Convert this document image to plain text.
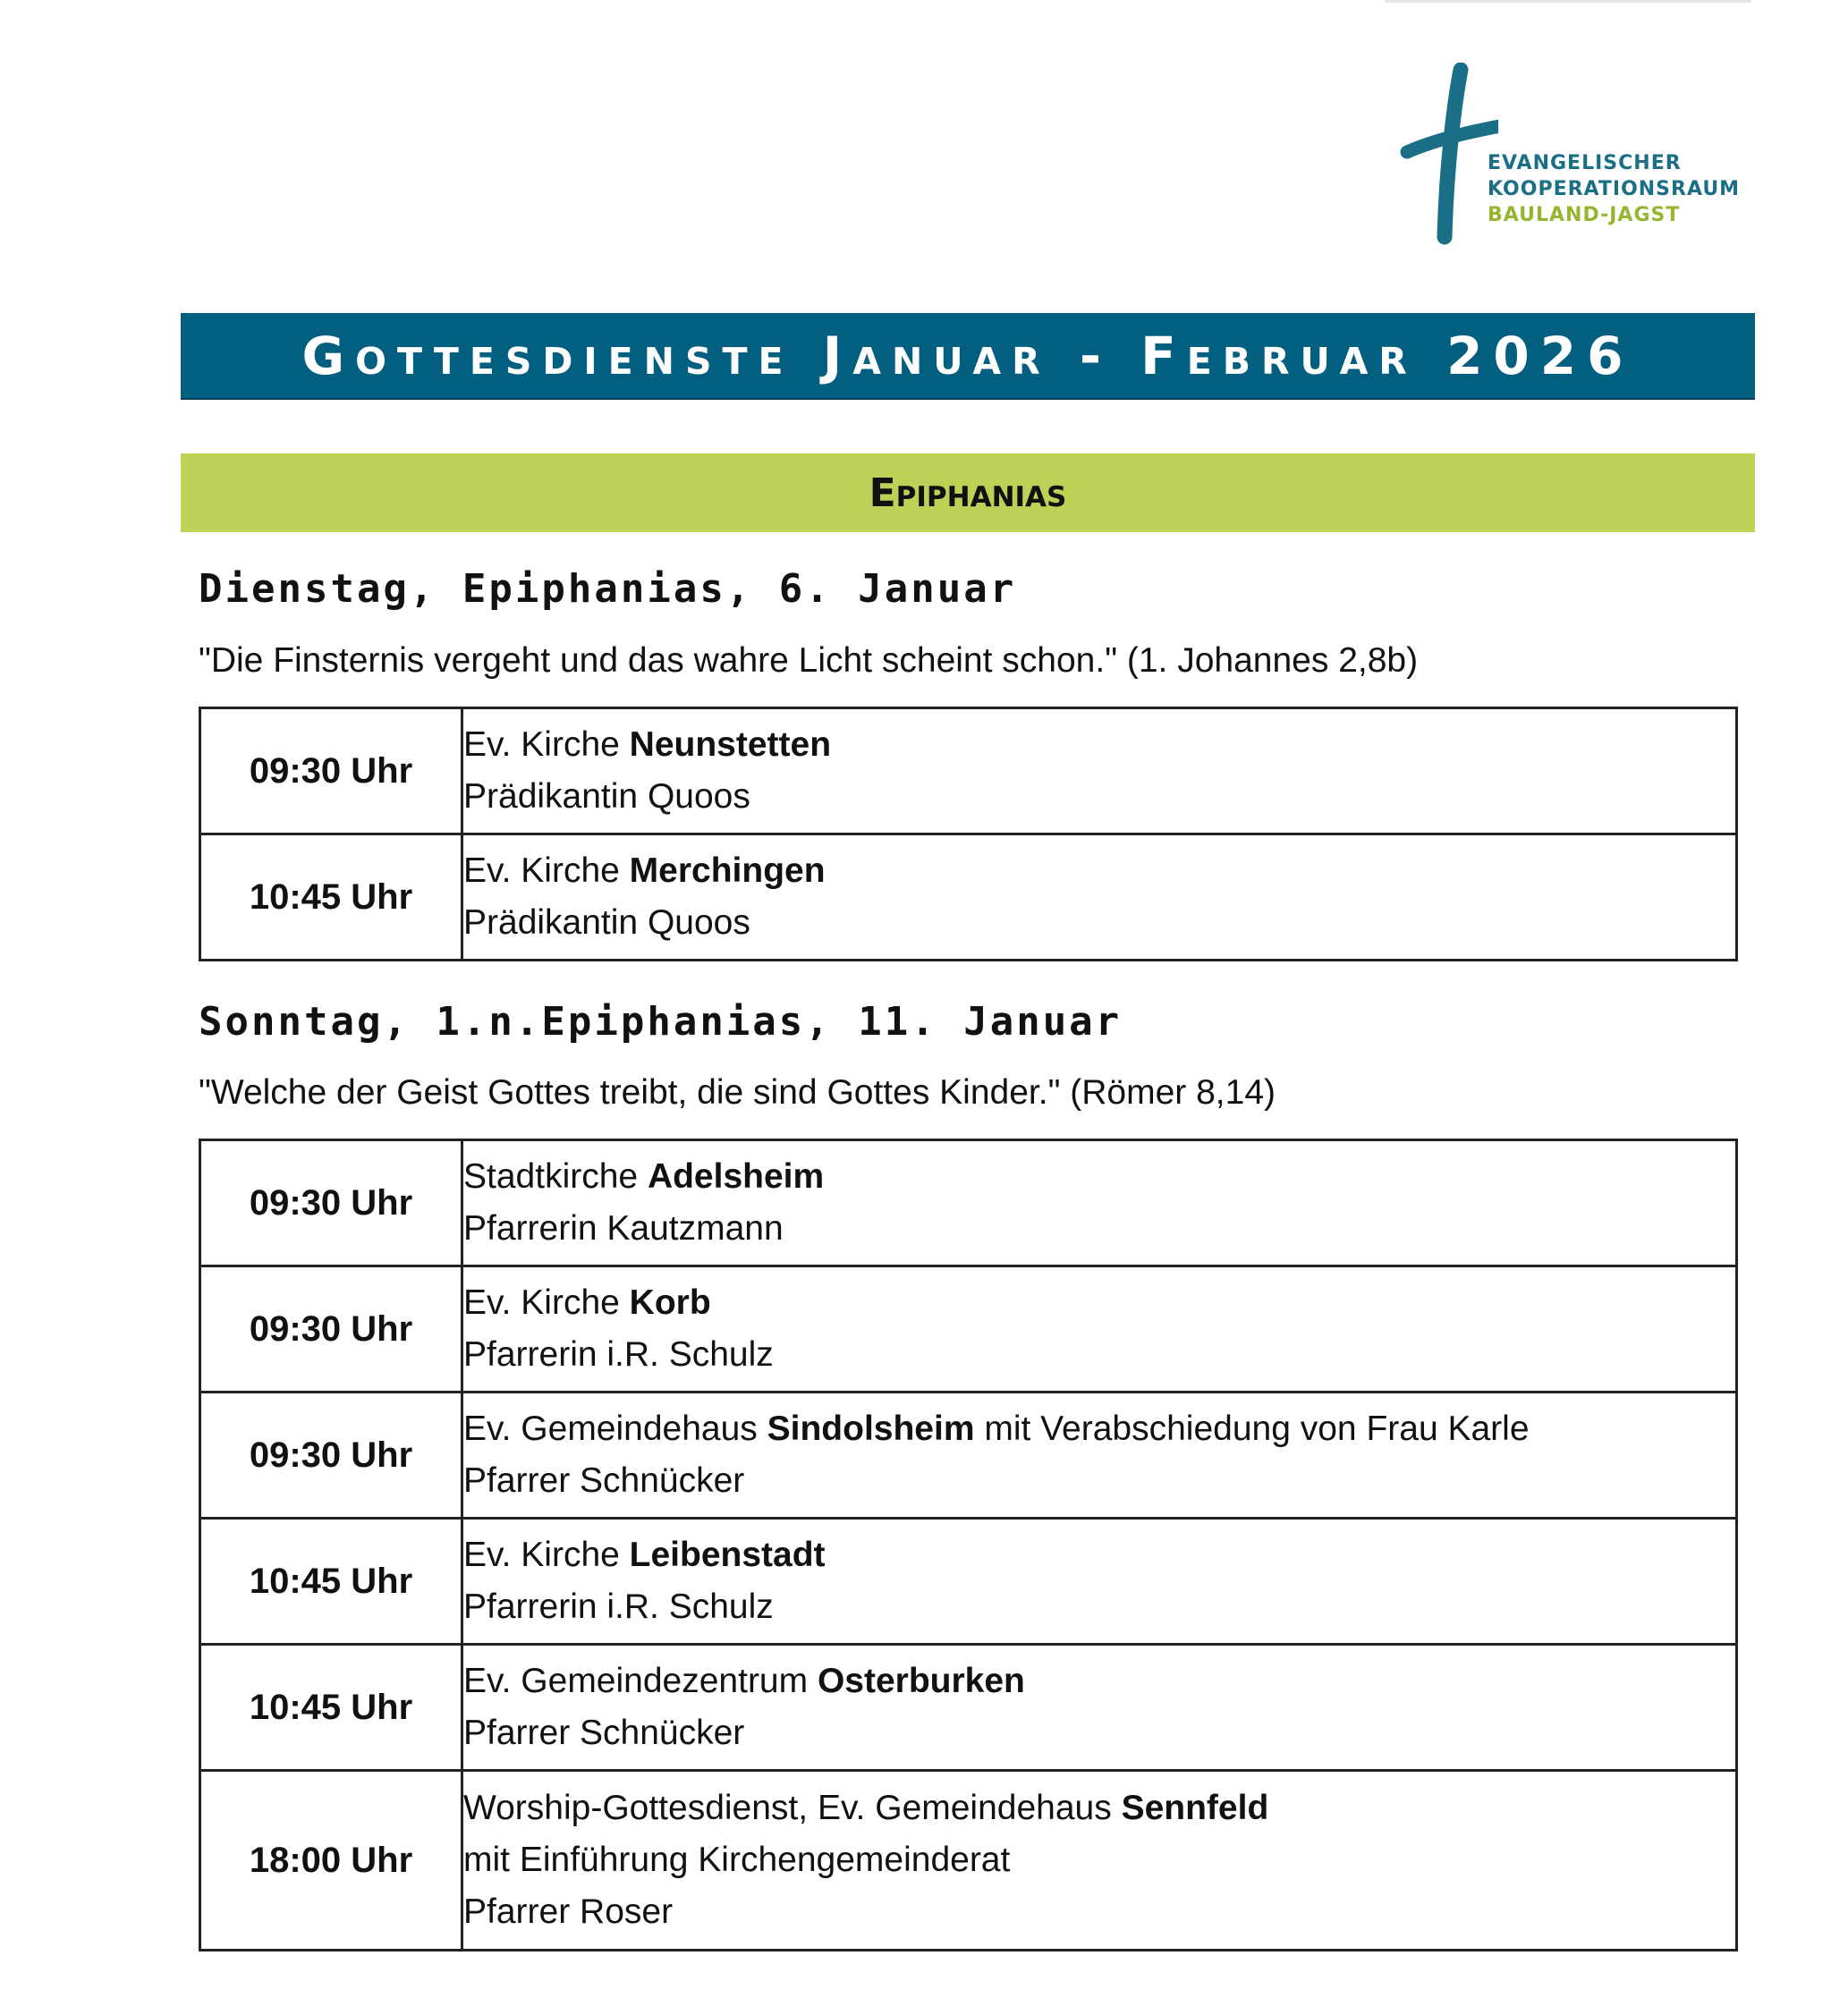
EVANGELISCHER
KOOPERATIONSRAUM
BAULAND-JAGST
Gottesdienste Januar - Februar 2026
Epiphanias
Dienstag, Epiphanias, 6. Januar
"Die Finsternis vergeht und das wahre Licht scheint schon." (1. Johannes 2,8b)
09:30 Uhr	Ev. Kirche Neunstetten
Prädikantin Quoos

10:45 Uhr	Ev. Kirche Merchingen
Prädikantin Quoos
Sonntag, 1.n.Epiphanias, 11. Januar
"Welche der Geist Gottes treibt, die sind Gottes Kinder." (Römer 8,14)
09:30 Uhr	Stadtkirche Adelsheim
Pfarrerin Kautzmann

09:30 Uhr	Ev. Kirche Korb
Pfarrerin i.R. Schulz

09:30 Uhr	Ev. Gemeindehaus Sindolsheim mit Verabschiedung von Frau Karle
Pfarrer Schnücker

10:45 Uhr	Ev. Kirche Leibenstadt
Pfarrerin i.R. Schulz

10:45 Uhr	Ev. Gemeindezentrum Osterburken
Pfarrer Schnücker

18:00 Uhr	Worship-Gottesdienst, Ev. Gemeindehaus Sennfeld
mit Einführung Kirchengemeinderat
Pfarrer Roser
